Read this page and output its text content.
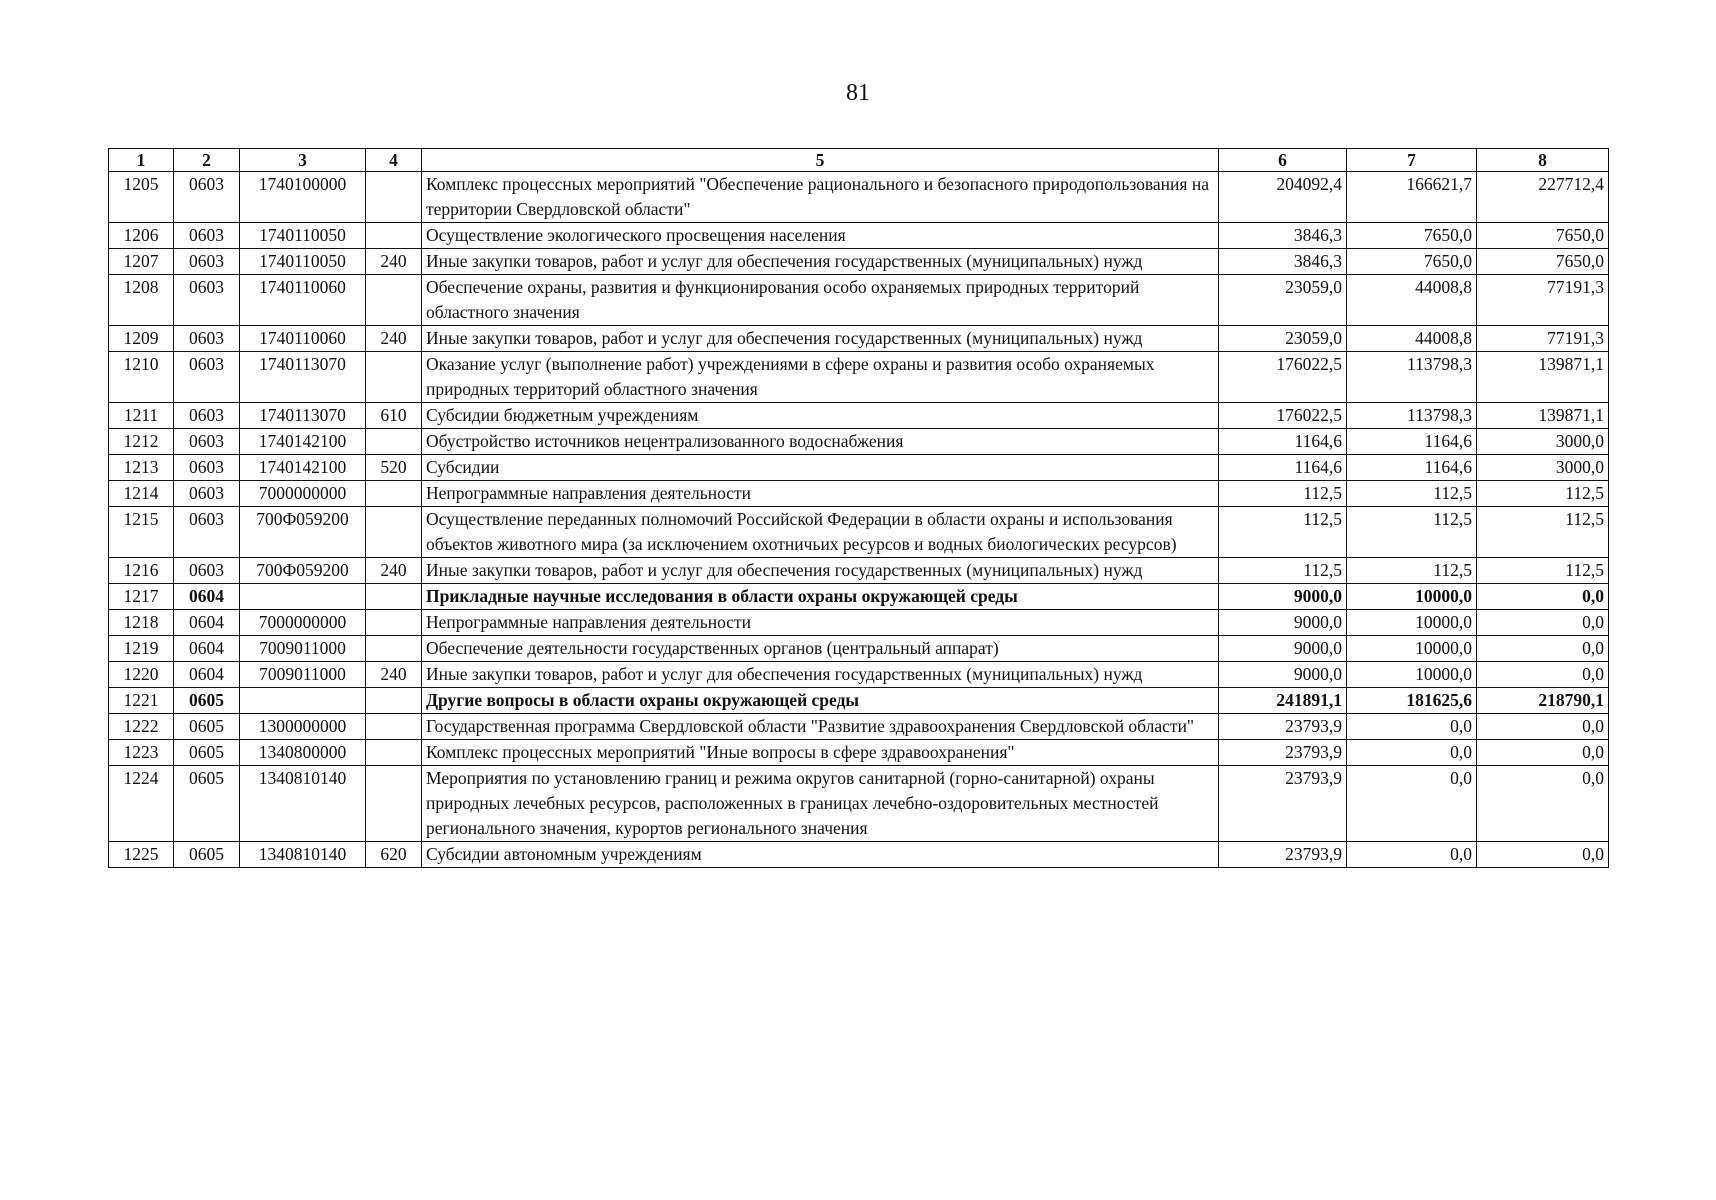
81
1	2	3	4	5	6	7	8
1205	0603	1740100000		Комплекс процессных мероприятий "Обеспечение рационального и безопасного природопользования на территории Свердловской области"	204092,4	166621,7	227712,4
1206	0603	1740110050		Осуществление экологического просвещения населения	3846,3	7650,0	7650,0
1207	0603	1740110050	240	Иные закупки товаров, работ и услуг для обеспечения государственных (муниципальных) нужд	3846,3	7650,0	7650,0
1208	0603	1740110060		Обеспечение охраны, развития и функционирования особо охраняемых природных территорий областного значения	23059,0	44008,8	77191,3
1209	0603	1740110060	240	Иные закупки товаров, работ и услуг для обеспечения государственных (муниципальных) нужд	23059,0	44008,8	77191,3
1210	0603	1740113070		Оказание услуг (выполнение работ) учреждениями в сфере охраны и развития особо охраняемых природных территорий областного значения	176022,5	113798,3	139871,1
1211	0603	1740113070	610	Субсидии бюджетным учреждениям	176022,5	113798,3	139871,1
1212	0603	1740142100		Обустройство источников нецентрализованного водоснабжения	1164,6	1164,6	3000,0
1213	0603	1740142100	520	Субсидии	1164,6	1164,6	3000,0
1214	0603	7000000000		Непрограммные направления деятельности	112,5	112,5	112,5
1215	0603	700Ф059200		Осуществление переданных полномочий Российской Федерации в области охраны и использования объектов животного мира (за исключением охотничьих ресурсов и водных биологических ресурсов)	112,5	112,5	112,5
1216	0603	700Ф059200	240	Иные закупки товаров, работ и услуг для обеспечения государственных (муниципальных) нужд	112,5	112,5	112,5
1217	0604			Прикладные научные исследования в области охраны окружающей среды	9000,0	10000,0	0,0
1218	0604	7000000000		Непрограммные направления деятельности	9000,0	10000,0	0,0
1219	0604	7009011000		Обеспечение деятельности государственных органов (центральный аппарат)	9000,0	10000,0	0,0
1220	0604	7009011000	240	Иные закупки товаров, работ и услуг для обеспечения государственных (муниципальных) нужд	9000,0	10000,0	0,0
1221	0605			Другие вопросы в области охраны окружающей среды	241891,1	181625,6	218790,1
1222	0605	1300000000		Государственная программа Свердловской области "Развитие здравоохранения Свердловской области"	23793,9	0,0	0,0
1223	0605	1340800000		Комплекс процессных мероприятий "Иные вопросы в сфере здравоохранения"	23793,9	0,0	0,0
1224	0605	1340810140		Мероприятия по установлению границ и режима округов санитарной (горно-санитарной) охраны природных лечебных ресурсов, расположенных в границах лечебно-оздоровительных местностей регионального значения, курортов регионального значения	23793,9	0,0	0,0
1225	0605	1340810140	620	Субсидии автономным учреждениям	23793,9	0,0	0,0
